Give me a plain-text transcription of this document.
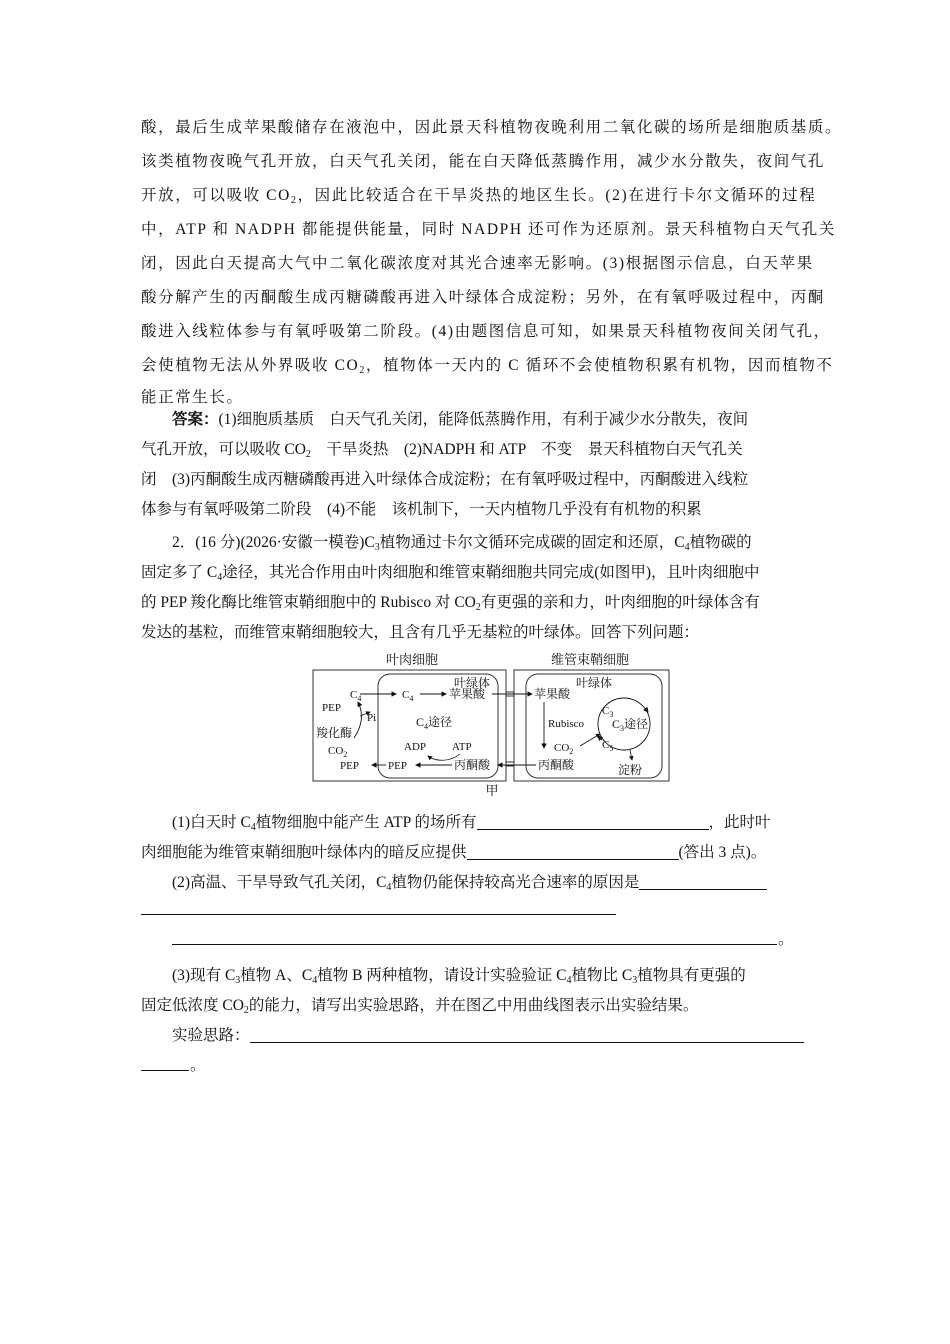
酸，最后生成苹果酸储存在液泡中，因此景天科植物夜晚利用二氧化碳的场所是细胞质基质。
该类植物夜晚气孔开放，白天气孔关闭，能在白天降低蒸腾作用，减少水分散失，夜间气孔
开放，可以吸收 $CO_2$，因此比较适合在干旱炎热的地区生长。(2)在进行卡尔文循环的过程
中，ATP 和 NADPH 都能提供能量，同时 NADPH 还可作为还原剂。景天科植物白天气孔关
闭，因此白天提高大气中二氧化碳浓度对其光合速率无影响。(3)根据图示信息，白天苹果
酸分解产生的丙酮酸生成丙糖磷酸再进入叶绿体合成淀粉；另外，在有氧呼吸过程中，丙酮
酸进入线粒体参与有氧呼吸第二阶段。(4)由题图信息可知，如果景天科植物夜间关闭气孔，
会使植物无法从外界吸收 $CO_2$，植物体一天内的 C 循环不会使植物积累有机物，因而植物不
能正常生长。
答案：(1)细胞质基质　白天气孔关闭，能降低蒸腾作用，有利于减少水分散失，夜间
气孔开放，可以吸收 $CO_2$　干旱炎热　(2)NADPH 和 ATP　不变　景天科植物白天气孔关
闭　(3)丙酮酸生成丙糖磷酸再进入叶绿体合成淀粉；在有氧呼吸过程中，丙酮酸进入线粒
体参与有氧呼吸第二阶段　(4)不能　该机制下，一天内植物几乎没有有机物的积累
2．(16 分)(2026·安徽一模卷)$C_3$植物通过卡尔文循环完成碳的固定和还原，$C_4$植物碳的
固定多了 $C_4$途径，其光合作用由叶肉细胞和维管束鞘细胞共同完成(如图甲)，且叶肉细胞中
的 PEP 羧化酶比维管束鞘细胞中的 Rubisco 对 $CO_2$有更强的亲和力，叶肉细胞的叶绿体含有
发达的基粒，而维管束鞘细胞较大，且含有几乎无基粒的叶绿体。回答下列问题：
叶肉细胞	维管束鞘细胞
叶绿体	叶绿体
PEP
$C_4$
Pi
羧化酶
$CO_2$
PEP
$C_4$	苹果酸
$C_4$途径
ADP ATP
PEP	丙酮酸
苹果酸
Rubisco
$CO_2$
丙酮酸
$C_3$
$C_3$途径
$C_5$
淀粉
甲
(1)白天时 $C_4$植物细胞中能产生 ATP 的场所有	，此时叶
肉细胞能为维管束鞘细胞叶绿体内的暗反应提供	(答出 3 点)。
(2)高温、干旱导致气孔关闭，$C_4$植物仍能保持较高光合速率的原因是
。
(3)现有 $C_3$植物 A、$C_4$植物 B 两种植物，请设计实验验证 $C_4$植物比 $C_3$植物具有更强的
固定低浓度 $CO_2$的能力，请写出实验思路，并在图乙中用曲线图表示出实验结果。
实验思路：
。
